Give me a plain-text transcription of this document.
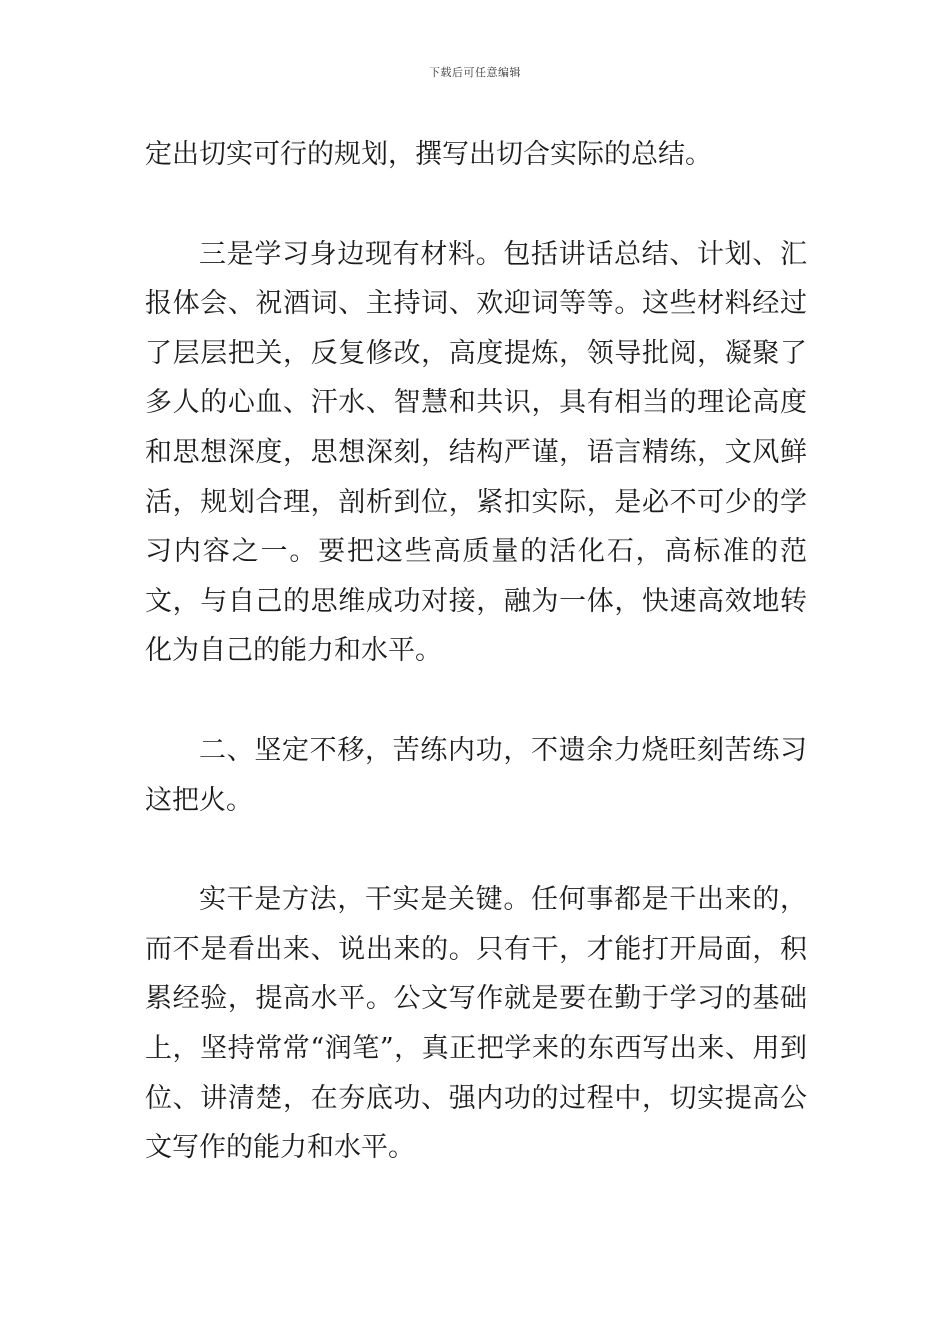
下载后可任意编辑

定出切实可行的规划，撰写出切合实际的总结。

三是学习身边现有材料。包括讲话总结、计划、汇报体会、祝酒词、主持词、欢迎词等等。这些材料经过了层层把关，反复修改，高度提炼，领导批阅，凝聚了多人的心血、汗水、智慧和共识，具有相当的理论高度和思想深度，思想深刻，结构严谨，语言精练，文风鲜活，规划合理，剖析到位，紧扣实际，是必不可少的学习内容之一。要把这些高质量的活化石，高标准的范文，与自己的思维成功对接，融为一体，快速高效地转化为自己的能力和水平。

二、坚定不移，苦练内功，不遗余力烧旺刻苦练习这把火。

实干是方法，干实是关键。任何事都是干出来的，而不是看出来、说出来的。只有干，才能打开局面，积累经验，提高水平。公文写作就是要在勤于学习的基础上，坚持常常“润笔”，真正把学来的东西写出来、用到位、讲清楚，在夯底功、强内功的过程中，切实提高公文写作的能力和水平。
